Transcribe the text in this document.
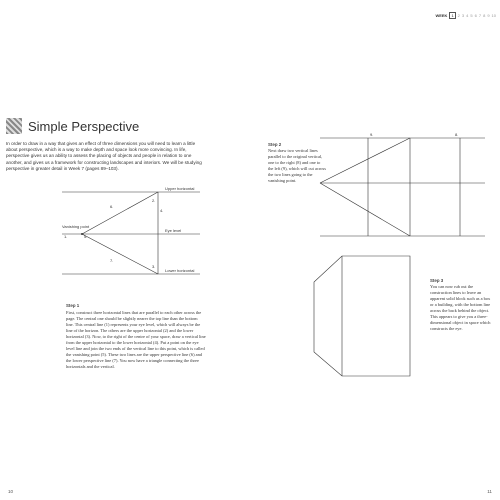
WEEK	1	2 3 4 5 6 7 8 9 10
Simple Perspective
In order to draw in a way that gives an effect of three dimensions you will need to learn a little about perspective, which is a way to make depth and space look more convincing. In life, perspective gives us an ability to assess the placing of objects and people in relation to one another, and gives us a framework for constructing landscapes and interiors. We will be studying perspective in greater detail in Week 7 (pages 89–103).
Upper horizontal
Eye level
Lower horizontal
Vanishing point
1.	5.
2.
3.
4.
6.
7.
Step 1
First, construct three horizontal lines that are parallel to each other across the page. The central one should be slightly nearer the top line than the bottom line. This central line (1) represents your eye level, which will always be the line of the horizon. The others are the upper horizontal (2) and the lower horizontal (3). Now, to the right of the centre of your space, draw a vertical line from the upper horizontal to the lower horizontal (4). Put a point on the eye level line and join the two ends of the vertical line to this point, which is called the vanishing point (5). These two lines are the upper perspective line (6) and the lower perspective line (7). You now have a triangle connecting the three horizontals and the vertical.
10
9.	8.
Step 2
Next draw two vertical lines parallel to the original vertical, one to the right (8) and one to the left (9), which will cut across the two lines going to the vanishing point.
Step 3
You can now rub out the construction lines to leave an apparent solid block such as a box or a building, with the bottom line across the back behind the object. This appears to give you a three-dimensional object in space which constructs the eye.
11
